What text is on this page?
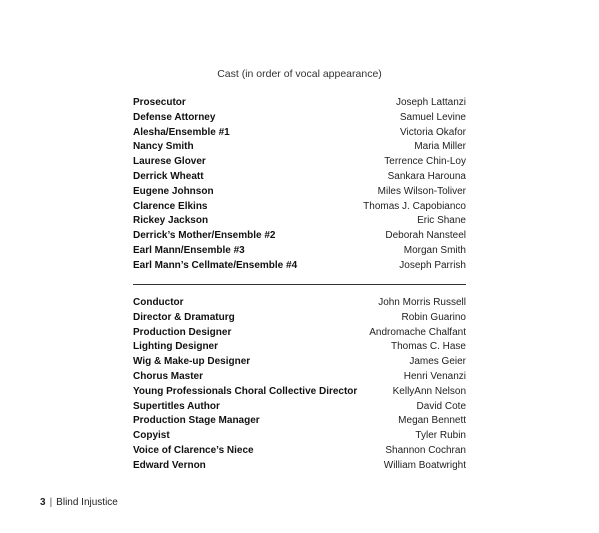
Cast (in order of vocal appearance)
Prosecutor	Joseph Lattanzi
Defense Attorney	Samuel Levine
Alesha/Ensemble #1	Victoria Okafor
Nancy Smith	Maria Miller
Laurese Glover	Terrence Chin-Loy
Derrick Wheatt	Sankara Harouna
Eugene Johnson	Miles Wilson-Toliver
Clarence Elkins	Thomas J. Capobianco
Rickey Jackson	Eric Shane
Derrick’s Mother/Ensemble #2	Deborah Nansteel
Earl Mann/Ensemble #3	Morgan Smith
Earl Mann’s Cellmate/Ensemble #4	Joseph Parrish
Conductor	John Morris Russell
Director & Dramaturg	Robin Guarino
Production Designer	Andromache Chalfant
Lighting Designer	Thomas C. Hase
Wig & Make-up Designer	James Geier
Chorus Master	Henri Venanzi
Young Professionals Choral Collective Director	KellyAnn Nelson
Supertitles Author	David Cote
Production Stage Manager	Megan Bennett
Copyist	Tyler Rubin
Voice of Clarence’s Niece	Shannon Cochran
Edward Vernon	William Boatwright
3 | Blind Injustice
